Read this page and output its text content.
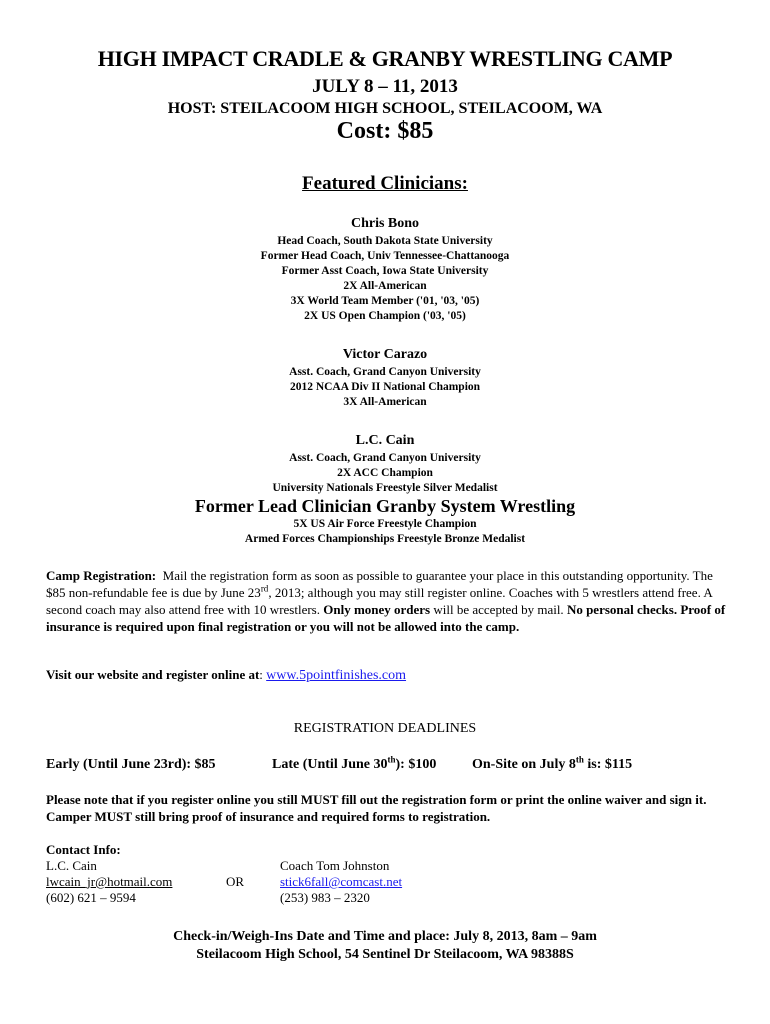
HIGH IMPACT CRADLE & GRANBY WRESTLING CAMP
JULY 8 – 11, 2013
HOST: STEILACOOM HIGH SCHOOL, STEILACOOM, WA
Cost: $85
Featured Clinicians:
Chris Bono
Head Coach, South Dakota State University
Former Head Coach, Univ Tennessee-Chattanooga
Former Asst Coach, Iowa State University
2X All-American
3X World Team Member ('01, '03, '05)
2X US Open Champion ('03, '05)
Victor Carazo
Asst. Coach, Grand Canyon University
2012 NCAA Div II National Champion
3X All-American
L.C. Cain
Asst. Coach, Grand Canyon University
2X ACC Champion
University Nationals Freestyle Silver Medalist
Former Lead Clinician Granby System Wrestling
5X US Air Force Freestyle Champion
Armed Forces Championships Freestyle Bronze Medalist
Camp Registration: Mail the registration form as soon as possible to guarantee your place in this outstanding opportunity. The $85 non-refundable fee is due by June 23rd, 2013; although you may still register online. Coaches with 5 wrestlers attend free. A second coach may also attend free with 10 wrestlers. Only money orders will be accepted by mail. No personal checks. Proof of insurance is required upon final registration or you will not be allowed into the camp.
Visit our website and register online at: www.5pointfinishes.com
REGISTRATION DEADLINES
Early (Until June 23rd): $85	Late (Until June 30th): $100	On-Site on July 8th is: $115
Please note that if you register online you still MUST fill out the registration form or print the online waiver and sign it. Camper MUST still bring proof of insurance and required forms to registration.
Contact Info:
L.C. Cain
lwcain_jr@hotmail.com
(602) 621 – 9594
OR
Coach Tom Johnston
stick6fall@comcast.net
(253) 983 – 2320
Check-in/Weigh-Ins Date and Time and place: July 8, 2013, 8am – 9am
Steilacoom High School, 54 Sentinel Dr Steilacoom, WA 98388S
